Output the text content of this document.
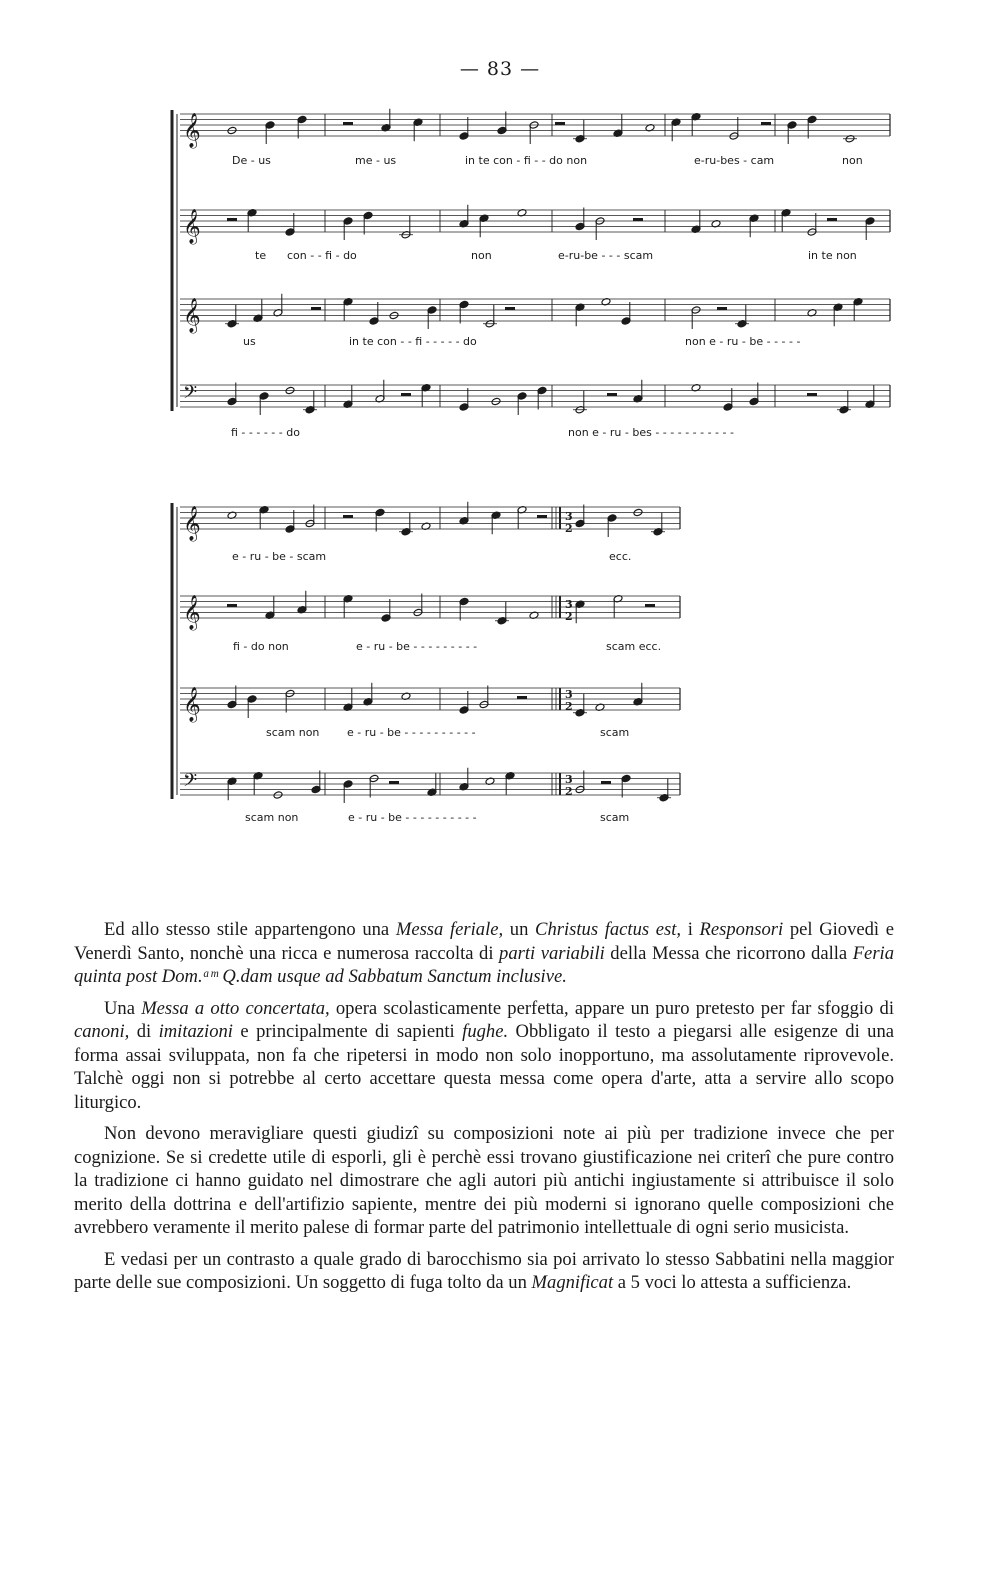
— 83 —
𝄞
𝄞
𝄞
𝄢
𝄞
𝄞
𝄞
𝄢
De - us	me - us	in te con - fi - - do non	e-ru-bes - cam	non
te con - - fi - do	non	e-ru-be - - - scam	in te non
us	in te con - - fi - - - - - do	non e - ru - be - - - - -
fi - - - - - - do	non e - ru - bes - - - - - - - - - - -
e - ru - be - scam	ecc.
fi - do non	e - ru - be - - - - - - - - -	scam ecc.
scam non	e - ru - be - - - - - - - - - -	scam
scam non	e - ru - be - - - - - - - - - -	scam
3
2
3
2
3
2
3
2

Ed allo stesso stile appartengono una Messa feriale, un Christus factus est, i Responsori pel Giovedì e Venerdì Santo, nonchè una ricca e numerosa raccolta di parti variabili della Messa che ricorrono dalla Feria quinta post Dom.ᵃᵐ Q.dam usque ad Sabbatum Sanctum inclusive.

Una Messa a otto concertata, opera scolasticamente perfetta, appare un puro pretesto per far sfoggio di canoni, di imitazioni e principalmente di sapienti fughe. Obbligato il testo a piegarsi alle esigenze di una forma assai sviluppata, non fa che ripetersi in modo non solo inopportuno, ma assolutamente riprovevole. Talchè oggi non si potrebbe al certo accettare questa messa come opera d'arte, atta a servire allo scopo liturgico.

Non devono meravigliare questi giudizî su composizioni note ai più per tradizione invece che per cognizione. Se si credette utile di esporli, gli è perchè essi trovano giustificazione nei criterî che pure contro la tradizione ci hanno guidato nel dimostrare che agli autori più antichi ingiustamente si attribuisce il solo merito della dottrina e dell'artifizio sapiente, mentre dei più moderni si ignorano quelle composizioni che avrebbero veramente il merito palese di formar parte del patrimonio intellettuale di ogni serio musicista.

E vedasi per un contrasto a quale grado di barocchismo sia poi arrivato lo stesso Sabbatini nella maggior parte delle sue composizioni. Un soggetto di fuga tolto da un Magnificat a 5 voci lo attesta a sufficienza.
